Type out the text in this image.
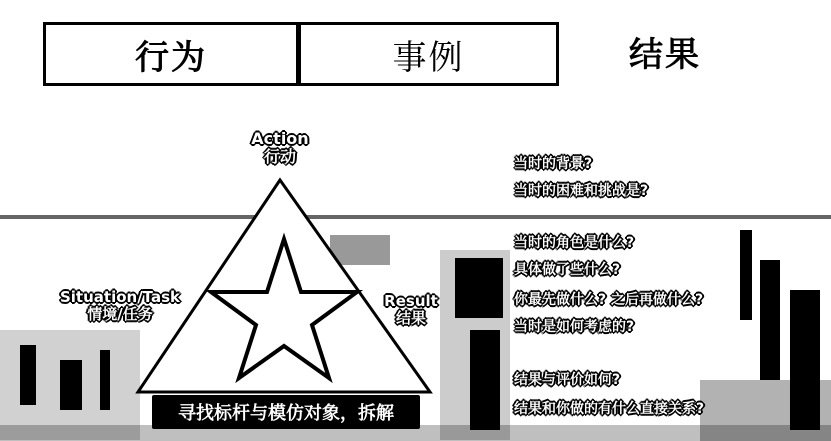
行为	事例	结果
Action
行动
Situation/Task
情境/任务
Result
结果
寻找标杆与模仿对象，拆解
当时的背景?
当时的困难和挑战是?
当时的角色是什么?
具体做了些什么?
你最先做什么? 之后再做什么?
当时是如何考虑的?
结果与评价如何?
结果和你做的有什么直接关系?
